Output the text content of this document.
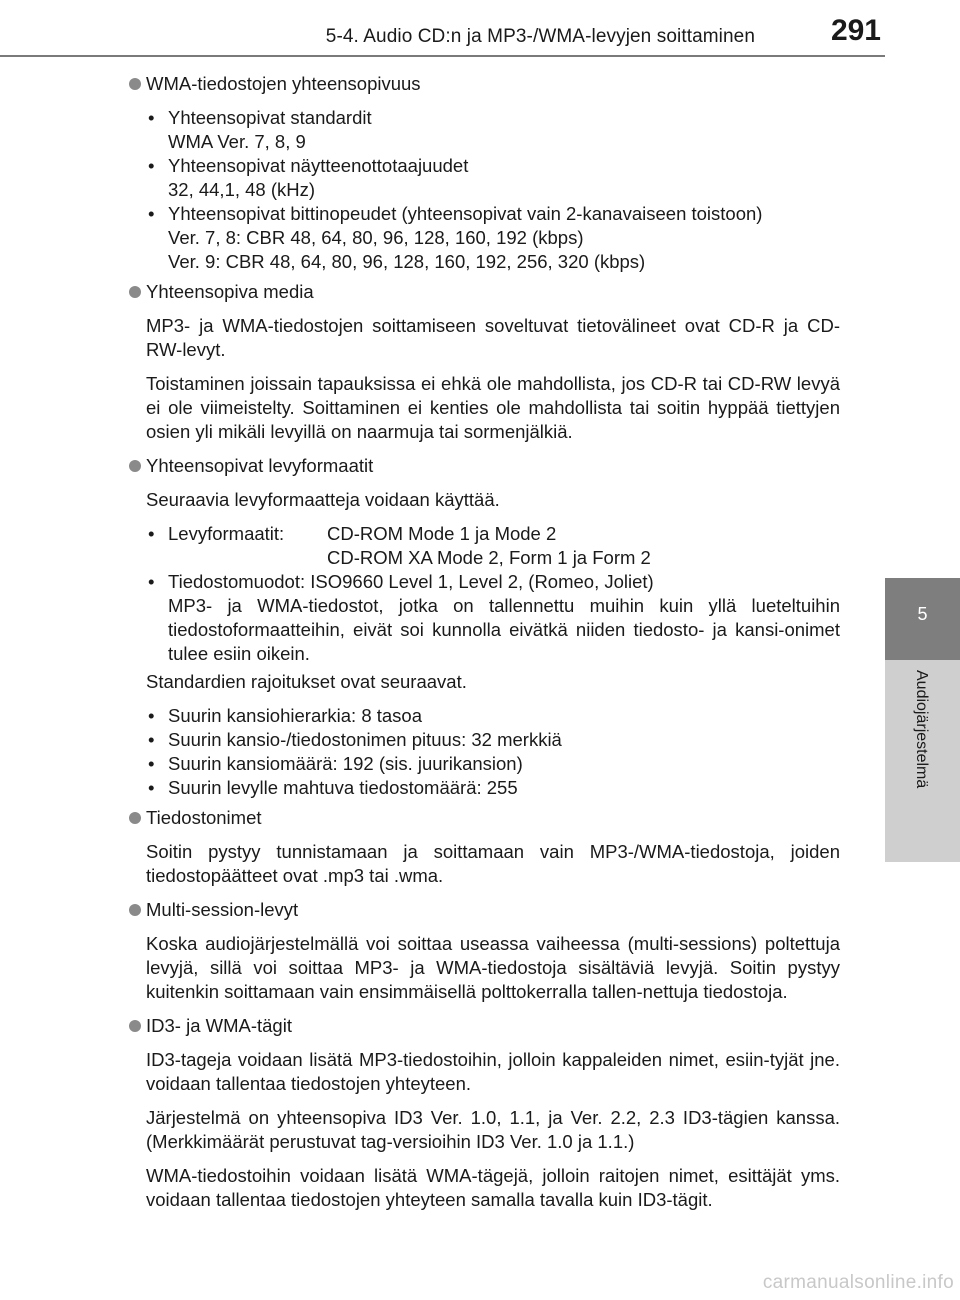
5-4. Audio CD:n ja MP3-/WMA-levyjen soittaminen	291
5
Audiojärjestelmä
WMA-tiedostojen yhteensopivuus
• Yhteensopivat standardit
WMA Ver. 7, 8, 9
• Yhteensopivat näytteenottotaajuudet
32, 44,1, 48 (kHz)
• Yhteensopivat bittinopeudet (yhteensopivat vain 2-kanavaiseen toistoon)
Ver. 7, 8: CBR 48, 64, 80, 96, 128, 160, 192 (kbps)
Ver. 9: CBR 48, 64, 80, 96, 128, 160, 192, 256, 320 (kbps)
Yhteensopiva media

MP3- ja WMA-tiedostojen soittamiseen soveltuvat tietovälineet ovat CD-R ja CD-RW-levyt.

Toistaminen joissain tapauksissa ei ehkä ole mahdollista, jos CD-R tai CD-RW levyä ei ole viimeistelty. Soittaminen ei kenties ole mahdollista tai soitin hyppää tiettyjen osien yli mikäli levyillä on naarmuja tai sormenjälkiä.

Yhteensopivat levyformaatit

Seuraavia levyformaatteja voidaan käyttää.

• Levyformaatit: CD-ROM Mode 1 ja Mode 2
CD-ROM XA Mode 2, Form 1 ja Form 2
• Tiedostomuodot: ISO9660 Level 1, Level 2, (Romeo, Joliet)
MP3- ja WMA-tiedostot, jotka on tallennettu muihin kuin yllä lueteltuihin tiedostoformaatteihin, eivät soi kunnolla eivätkä niiden tiedosto- ja kansi-onimet tulee esiin oikein.

Standardien rajoitukset ovat seuraavat.

• Suurin kansiohierarkia: 8 tasoa
• Suurin kansio-/tiedostonimen pituus: 32 merkkiä
• Suurin kansiomäärä: 192 (sis. juurikansion)
• Suurin levylle mahtuva tiedostomäärä: 255
Tiedostonimet

Soitin pystyy tunnistamaan ja soittamaan vain MP3-/WMA-tiedostoja, joiden tiedostopäätteet ovat .mp3 tai .wma.

Multi-session-levyt

Koska audiojärjestelmällä voi soittaa useassa vaiheessa (multi-sessions) poltettuja levyjä, sillä voi soittaa MP3- ja WMA-tiedostoja sisältäviä levyjä. Soitin pystyy kuitenkin soittamaan vain ensimmäisellä polttokerralla tallen-nettuja tiedostoja.

ID3- ja WMA-tägit

ID3-tageja voidaan lisätä MP3-tiedostoihin, jolloin kappaleiden nimet, esiin-tyjät jne. voidaan tallentaa tiedostojen yhteyteen.

Järjestelmä on yhteensopiva ID3 Ver. 1.0, 1.1, ja Ver. 2.2, 2.3 ID3-tägien kanssa. (Merkkimäärät perustuvat tag-versioihin ID3 Ver. 1.0 ja 1.1.)

WMA-tiedostoihin voidaan lisätä WMA-tägejä, jolloin raitojen nimet, esittäjät yms. voidaan tallentaa tiedostojen yhteyteen samalla tavalla kuin ID3-tägit.

carmanualsonline.info
